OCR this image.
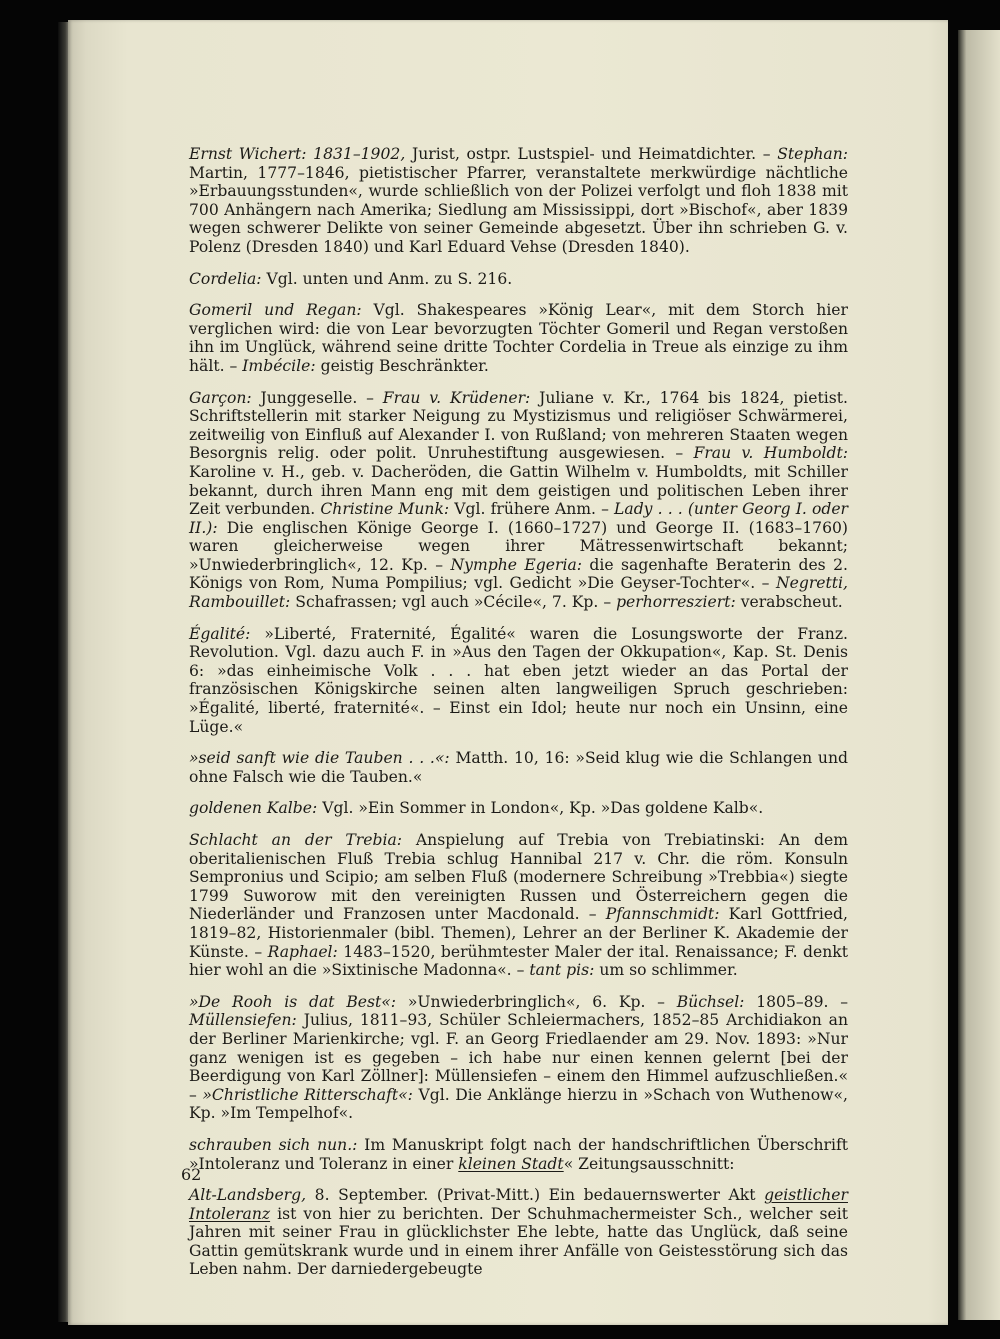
Ernst Wichert: 1831–1902, Jurist, ostpr. Lustspiel- und Heimatdichter. – Stephan: Martin, 1777–1846, pietistischer Pfarrer, veranstaltete merkwürdige nächtliche »Erbauungsstunden«, wurde schließlich von der Polizei verfolgt und floh 1838 mit 700 Anhängern nach Amerika; Siedlung am Mississippi, dort »Bischof«, aber 1839 wegen schwerer Delikte von seiner Gemeinde abgesetzt. Über ihn schrieben G. v. Polenz (Dresden 1840) und Karl Eduard Vehse (Dresden 1840).

Cordelia: Vgl. unten und Anm. zu S. 216.

Gomeril und Regan: Vgl. Shakespeares »König Lear«, mit dem Storch hier verglichen wird: die von Lear bevorzugten Töchter Gomeril und Regan verstoßen ihn im Unglück, während seine dritte Tochter Cordelia in Treue als einzige zu ihm hält. – Imbécile: geistig Beschränkter.

Garçon: Junggeselle. – Frau v. Krüdener: Juliane v. Kr., 1764 bis 1824, pietist. Schriftstellerin mit starker Neigung zu Mystizismus und religiöser Schwärmerei, zeitweilig von Einfluß auf Alexander I. von Rußland; von mehreren Staaten wegen Besorgnis relig. oder polit. Unruhestiftung ausgewiesen. – Frau v. Humboldt: Karoline v. H., geb. v. Dacheröden, die Gattin Wilhelm v. Humboldts, mit Schiller bekannt, durch ihren Mann eng mit dem geistigen und politischen Leben ihrer Zeit verbunden. Christine Munk: Vgl. frühere Anm. – Lady . . . (unter Georg I. oder II.): Die englischen Könige George I. (1660–1727) und George II. (1683–1760) waren gleicherweise wegen ihrer Mätressenwirtschaft bekannt; »Unwiederbringlich«, 12. Kp. – Nymphe Egeria: die sagenhafte Beraterin des 2. Königs von Rom, Numa Pompilius; vgl. Gedicht »Die Geyser-Tochter«. – Negretti, Rambouillet: Schafrassen; vgl auch »Cécile«, 7. Kp. – perhorresziert: verabscheut.

Égalité: »Liberté, Fraternité, Égalité« waren die Losungsworte der Franz. Revolution. Vgl. dazu auch F. in »Aus den Tagen der Okkupation«, Kap. St. Denis 6: »das einheimische Volk . . . hat eben jetzt wieder an das Portal der französischen Königskirche seinen alten langweiligen Spruch geschrieben: »Égalité, liberté, fraternité«. – Einst ein Idol; heute nur noch ein Unsinn, eine Lüge.«

»seid sanft wie die Tauben . . .«: Matth. 10, 16: »Seid klug wie die Schlangen und ohne Falsch wie die Tauben.«

goldenen Kalbe: Vgl. »Ein Sommer in London«, Kp. »Das goldene Kalb«.

Schlacht an der Trebia: Anspielung auf Trebia von Trebiatinski: An dem oberitalienischen Fluß Trebia schlug Hannibal 217 v. Chr. die röm. Konsuln Sempronius und Scipio; am selben Fluß (modernere Schreibung »Trebbia«) siegte 1799 Suworow mit den vereinigten Russen und Österreichern gegen die Niederländer und Franzosen unter Macdonald. – Pfannschmidt: Karl Gottfried, 1819–82, Historienmaler (bibl. Themen), Lehrer an der Berliner K. Akademie der Künste. – Raphael: 1483–1520, berühmtester Maler der ital. Renaissance; F. denkt hier wohl an die »Sixtinische Madonna«. – tant pis: um so schlimmer.

»De Rooh is dat Best«: »Unwiederbringlich«, 6. Kp. – Büchsel: 1805–89. – Müllensiefen: Julius, 1811–93, Schüler Schleiermachers, 1852–85 Archidiakon an der Berliner Marienkirche; vgl. F. an Georg Friedlaender am 29. Nov. 1893: »Nur ganz wenigen ist es gegeben – ich habe nur einen kennen gelernt [bei der Beerdigung von Karl Zöllner]: Müllensiefen – einem den Himmel aufzuschließen.« – »Christliche Ritterschaft«: Vgl. Die Anklänge hierzu in »Schach von Wuthenow«, Kp. »Im Tempelhof«.

schrauben sich nun.: Im Manuskript folgt nach der handschriftlichen Überschrift »Intoleranz und Toleranz in einer kleinen Stadt« Zeitungsausschnitt:

Alt-Landsberg, 8. September. (Privat-Mitt.) Ein bedauernswerter Akt geistlicher Intoleranz ist von hier zu berichten. Der Schuhmachermeister Sch., welcher seit Jahren mit seiner Frau in glücklichster Ehe lebte, hatte das Unglück, daß seine Gattin gemütskrank wurde und in einem ihrer Anfälle von Geistesstörung sich das Leben nahm. Der darniedergebeugte

62
